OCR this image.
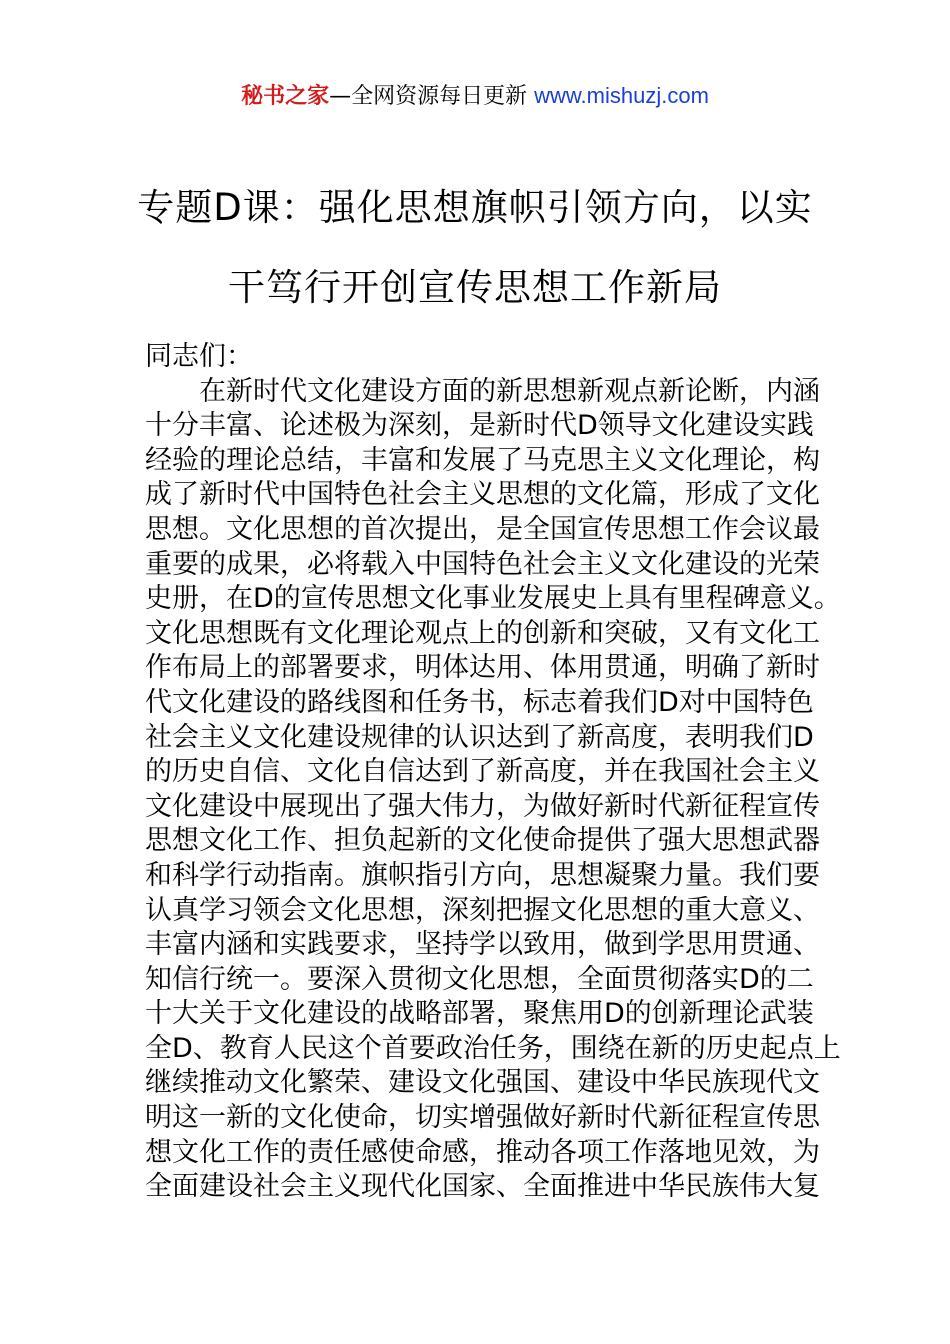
秘书之家—全网资源每日更新 www.mishuzj.com
专题D课：强化思想旗帜引领方向，以实
干笃行开创宣传思想工作新局
同志们：
在新时代文化建设方面的新思想新观点新论断，内涵
十分丰富、论述极为深刻，是新时代D领导文化建设实践
经验的理论总结，丰富和发展了马克思主义文化理论，构
成了新时代中国特色社会主义思想的文化篇，形成了文化
思想。文化思想的首次提出，是全国宣传思想工作会议最
重要的成果，必将载入中国特色社会主义文化建设的光荣
史册，在D的宣传思想文化事业发展史上具有里程碑意义。
文化思想既有文化理论观点上的创新和突破，又有文化工
作布局上的部署要求，明体达用、体用贯通，明确了新时
代文化建设的路线图和任务书，标志着我们D对中国特色
社会主义文化建设规律的认识达到了新高度，表明我们D
的历史自信、文化自信达到了新高度，并在我国社会主义
文化建设中展现出了强大伟力，为做好新时代新征程宣传
思想文化工作、担负起新的文化使命提供了强大思想武器
和科学行动指南。旗帜指引方向，思想凝聚力量。我们要
认真学习领会文化思想，深刻把握文化思想的重大意义、
丰富内涵和实践要求，坚持学以致用，做到学思用贯通、
知信行统一。要深入贯彻文化思想，全面贯彻落实D的二
十大关于文化建设的战略部署，聚焦用D的创新理论武装
全D、教育人民这个首要政治任务，围绕在新的历史起点上
继续推动文化繁荣、建设文化强国、建设中华民族现代文
明这一新的文化使命，切实增强做好新时代新征程宣传思
想文化工作的责任感使命感，推动各项工作落地见效，为
全面建设社会主义现代化国家、全面推进中华民族伟大复
